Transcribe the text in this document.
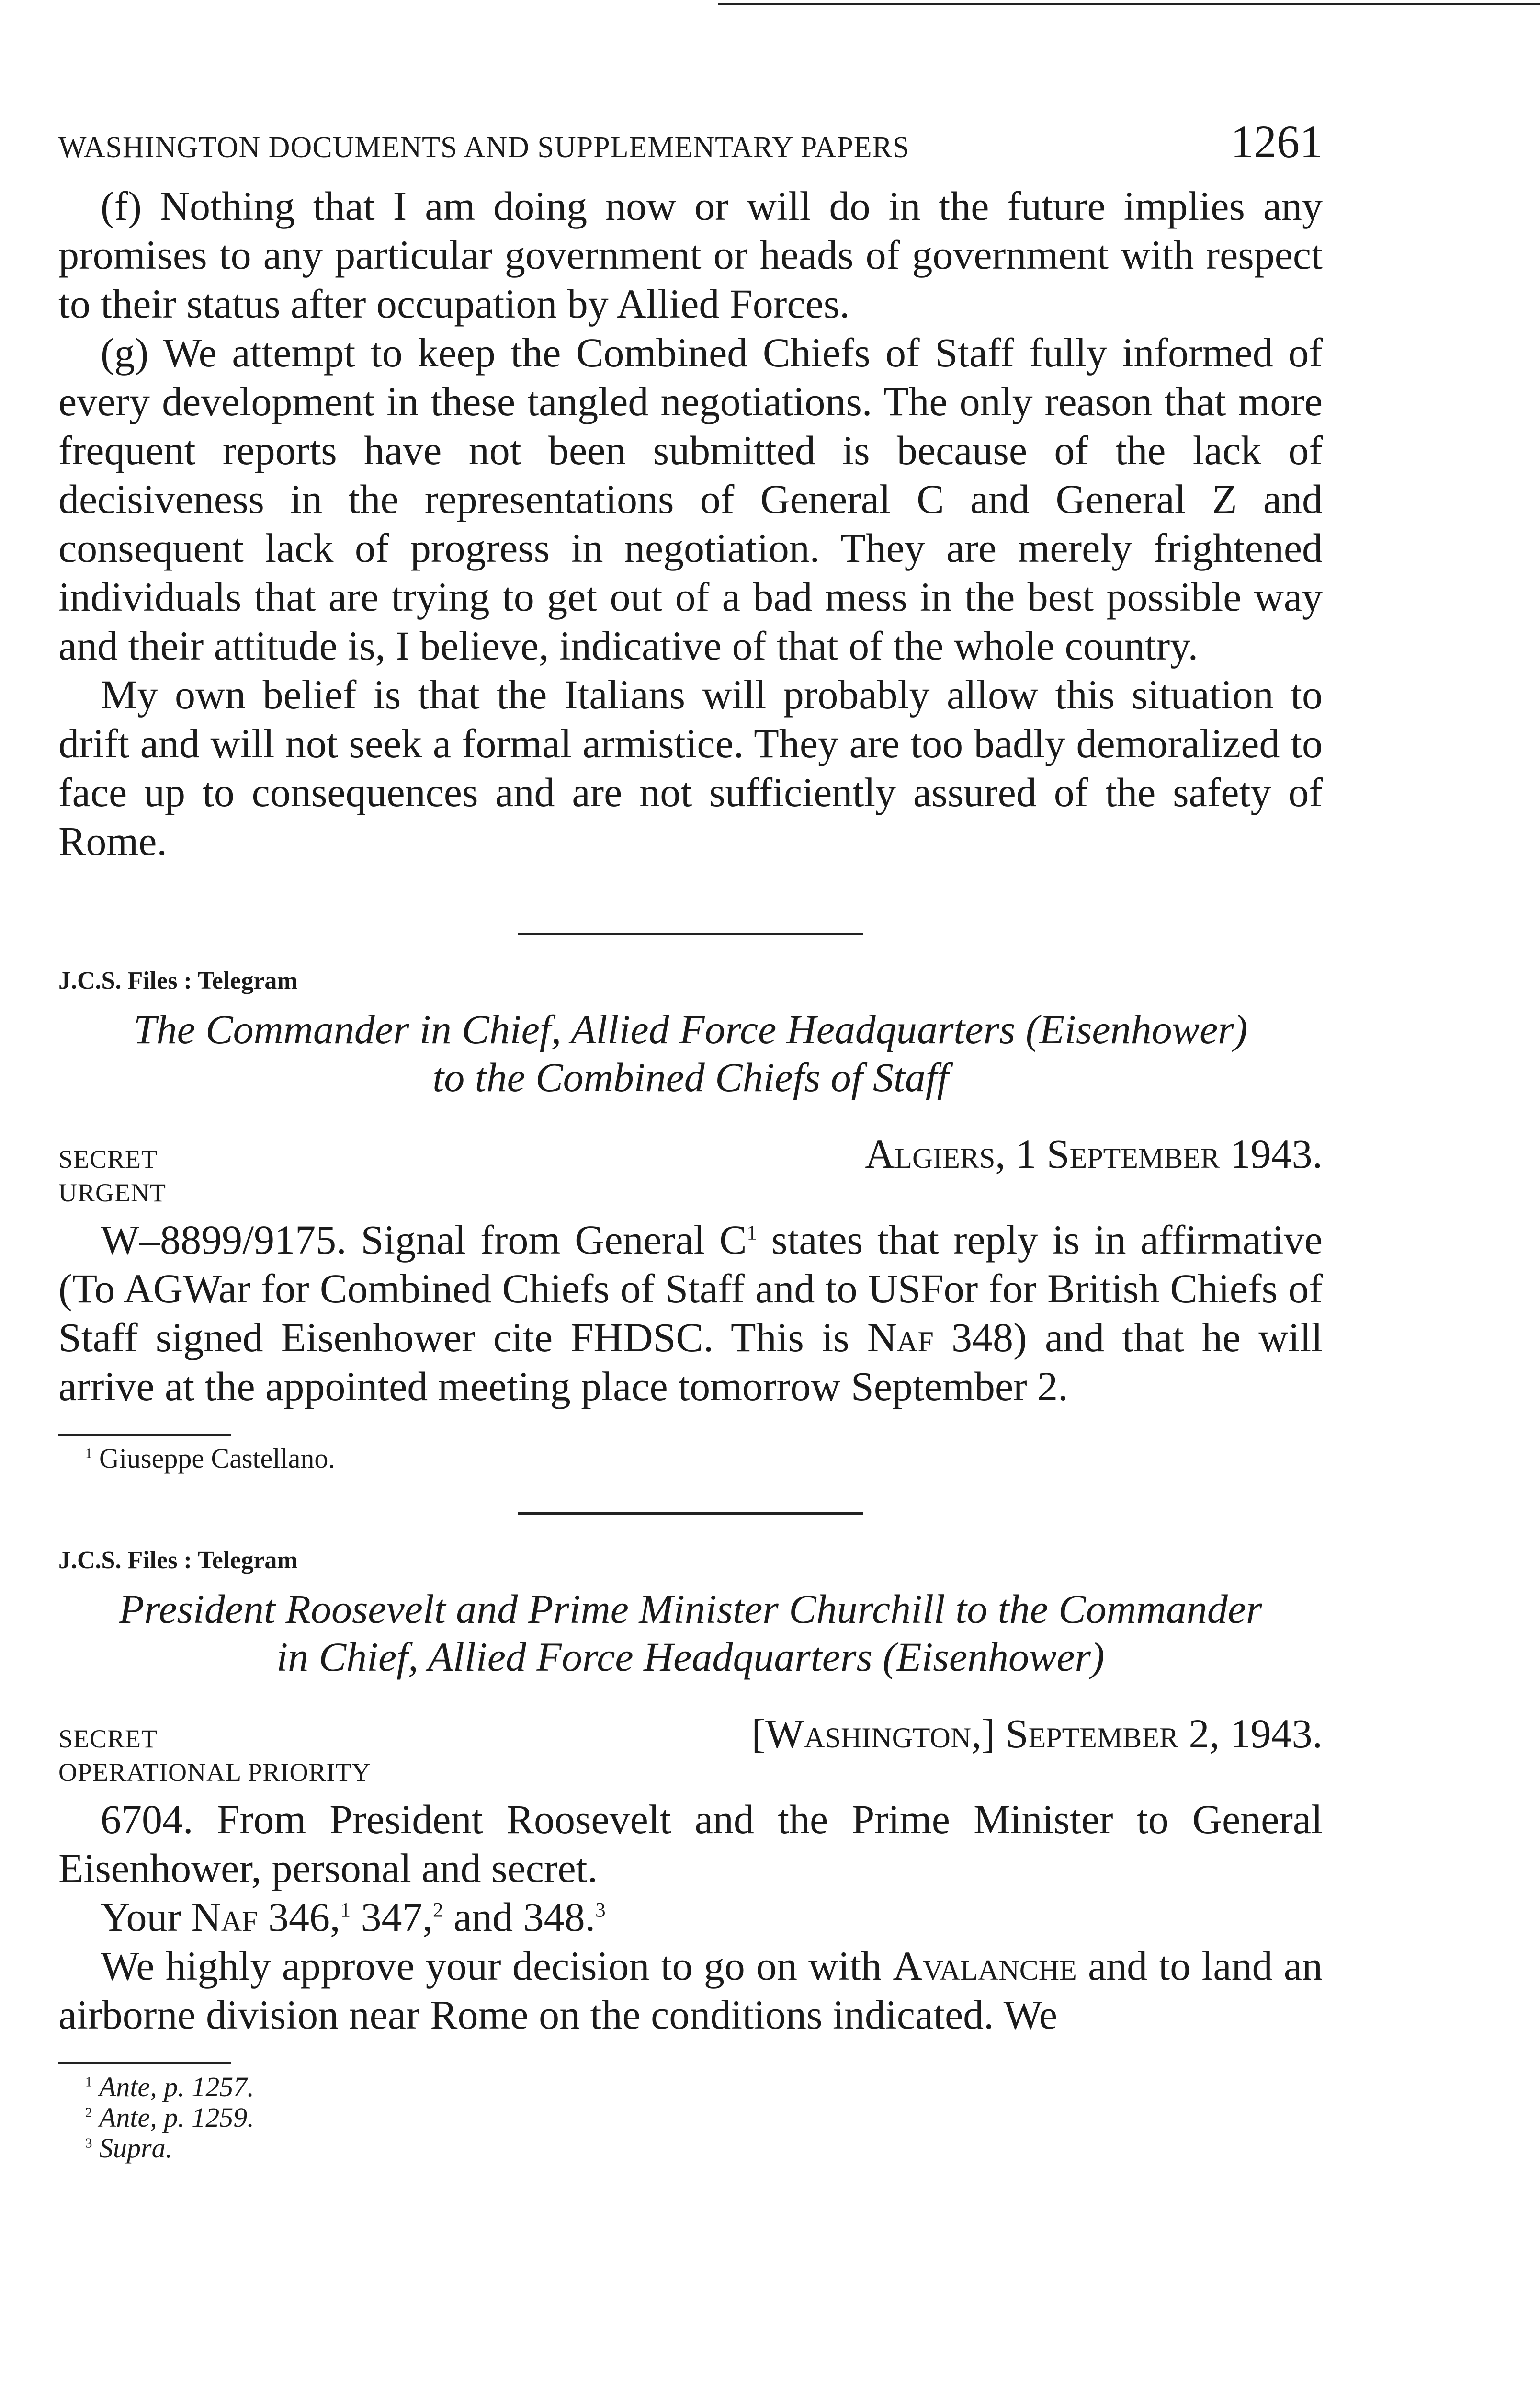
WASHINGTON DOCUMENTS AND SUPPLEMENTARY PAPERS	1261

(f) Nothing that I am doing now or will do in the future implies any promises to any particular government or heads of government with respect to their status after occupation by Allied Forces.

(g) We attempt to keep the Combined Chiefs of Staff fully informed of every development in these tangled negotiations. The only reason that more frequent reports have not been submitted is because of the lack of decisiveness in the representations of General C and General Z and consequent lack of progress in negotiation. They are merely frightened individuals that are trying to get out of a bad mess in the best possible way and their attitude is, I believe, indicative of that of the whole country.

My own belief is that the Italians will probably allow this situation to drift and will not seek a formal armistice. They are too badly demoralized to face up to consequences and are not sufficiently assured of the safety of Rome.

J.C.S. Files : Telegram

The Commander in Chief, Allied Force Headquarters (Eisenhower)

to the Combined Chiefs of Staff

SECRET	Algiers, 1 September 1943.
URGENT

W–8899/9175. Signal from General $C^1$ states that reply is in affirmative (To AGWar for Combined Chiefs of Staff and to USFor for British Chiefs of Staff signed Eisenhower cite FHDSC. This is Naf 348) and that he will arrive at the appointed meeting place tomorrow September 2.

$^1$ Giuseppe Castellano.

J.C.S. Files : Telegram

President Roosevelt and Prime Minister Churchill to the Commander

in Chief, Allied Force Headquarters (Eisenhower)

SECRET	[Washington,] September 2, 1943.
OPERATIONAL PRIORITY

6704. From President Roosevelt and the Prime Minister to General Eisenhower, personal and secret.

Your Naf 346,$^1$ 347,$^2$ and 348.$^3$

We highly approve your decision to go on with Avalanche and to land an airborne division near Rome on the conditions indicated. We

$^1$ Ante, p. 1257.

$^2$ Ante, p. 1259.

$^3$ Supra.
